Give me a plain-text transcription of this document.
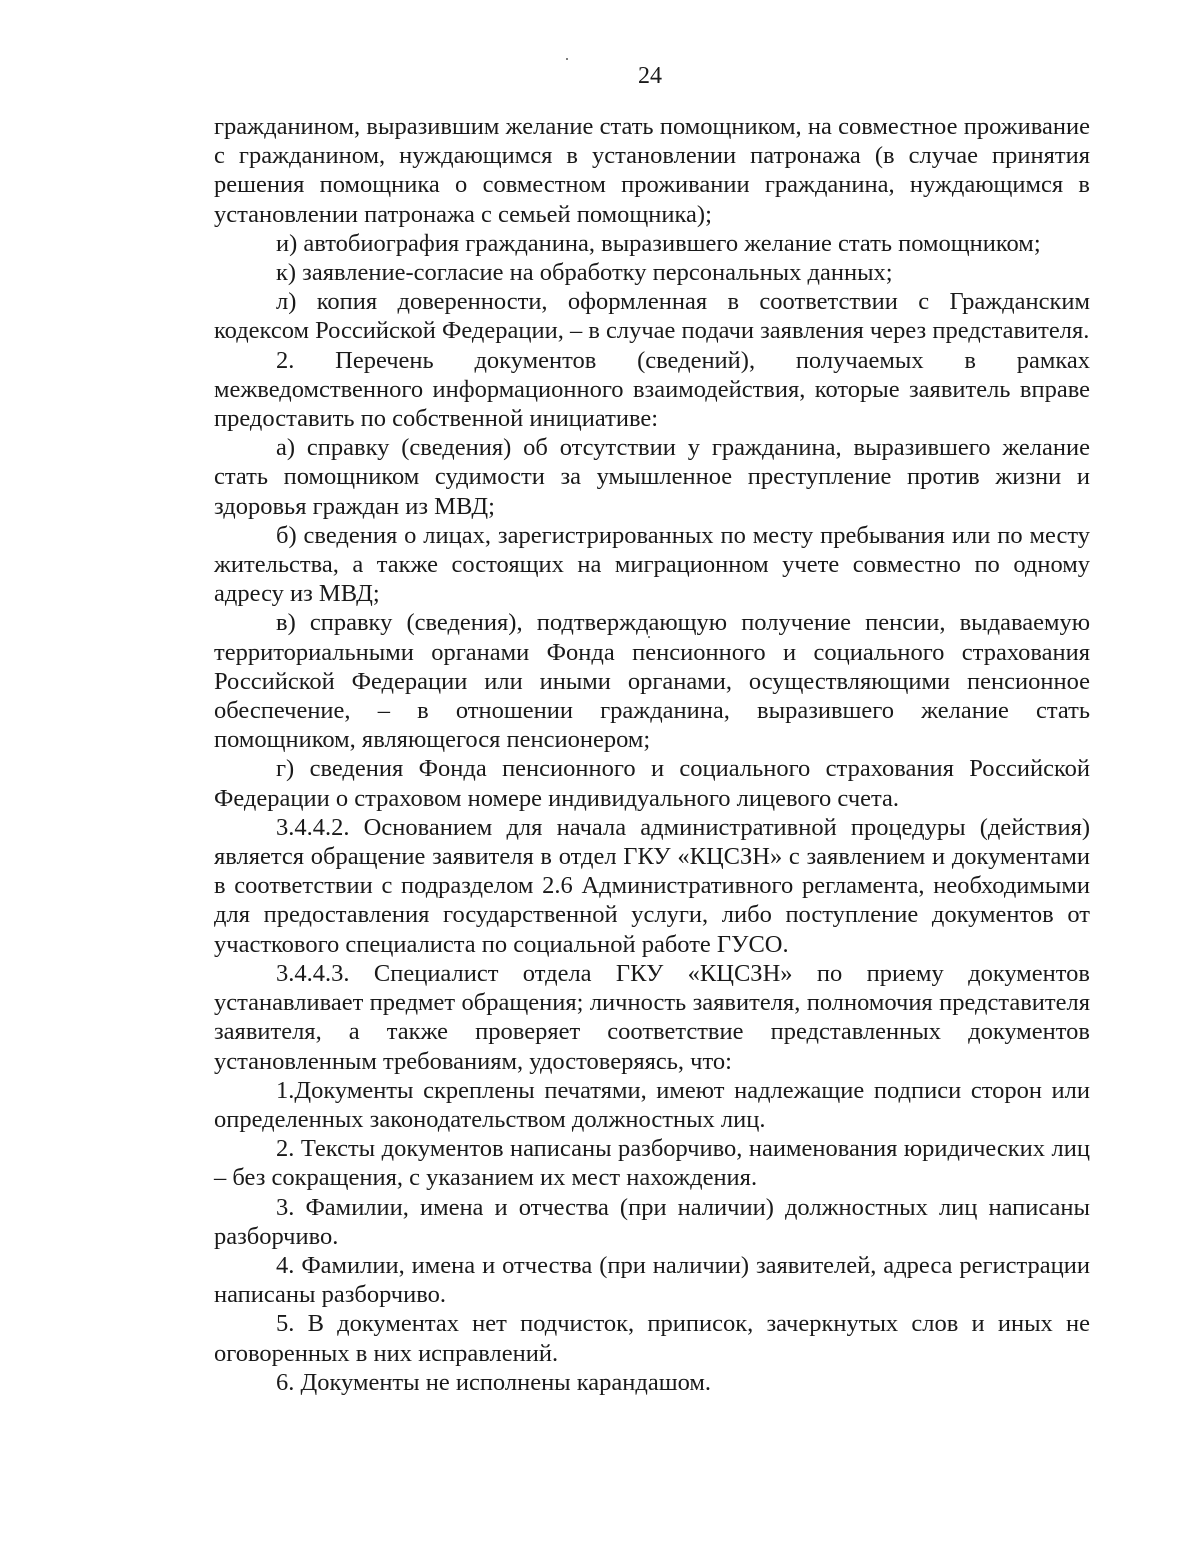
24

гражданином, выразившим желание стать помощником, на совместное проживание с гражданином, нуждающимся в установлении патронажа (в случае принятия решения помощника о совместном проживании гражданина, нуждающимся в установлении патронажа с семьей помощника);

и) автобиография гражданина, выразившего желание стать помощником;

к) заявление-согласие на обработку персональных данных;

л) копия доверенности, оформленная в соответствии с Гражданским кодексом Российской Федерации, – в случае подачи заявления через представителя.

2. Перечень документов (сведений), получаемых в рамках межведомственного информационного взаимодействия, которые заявитель вправе предоставить по собственной инициативе:

а) справку (сведения) об отсутствии у гражданина, выразившего желание стать помощником судимости за умышленное преступление против жизни и здоровья граждан из МВД;

б) сведения о лицах, зарегистрированных по месту пребывания или по месту жительства, а также состоящих на миграционном учете совместно по одному адресу из МВД;

в) справку (сведения), подтверждающую получение пенсии, выдаваемую территориальными органами Фонда пенсионного и социального страхования Российской Федерации или иными органами, осуществляющими пенсионное обеспечение, – в отношении гражданина, выразившего желание стать помощником, являющегося пенсионером;

г) сведения Фонда пенсионного и социального страхования Российской Федерации о страховом номере индивидуального лицевого счета.

3.4.4.2. Основанием для начала административной процедуры (действия) является обращение заявителя в отдел ГКУ «КЦСЗН» с заявлением и документами в соответствии с подразделом 2.6 Административного регламента, необходимыми для предоставления государственной услуги, либо поступление документов от участкового специалиста по социальной работе ГУСО.

3.4.4.3. Специалист отдела ГКУ «КЦСЗН» по приему документов устанавливает предмет обращения; личность заявителя, полномочия представителя заявителя, а также проверяет соответствие представленных документов установленным требованиям, удостоверяясь, что:

1.Документы скреплены печатями, имеют надлежащие подписи сторон или определенных законодательством должностных лиц.

2. Тексты документов написаны разборчиво, наименования юридических лиц – без сокращения, с указанием их мест нахождения.

3. Фамилии, имена и отчества (при наличии) должностных лиц написаны разборчиво.

4. Фамилии, имена и отчества (при наличии) заявителей, адреса регистрации написаны разборчиво.

5. В документах нет подчисток, приписок, зачеркнутых слов и иных не оговоренных в них исправлений.

6. Документы не исполнены карандашом.
